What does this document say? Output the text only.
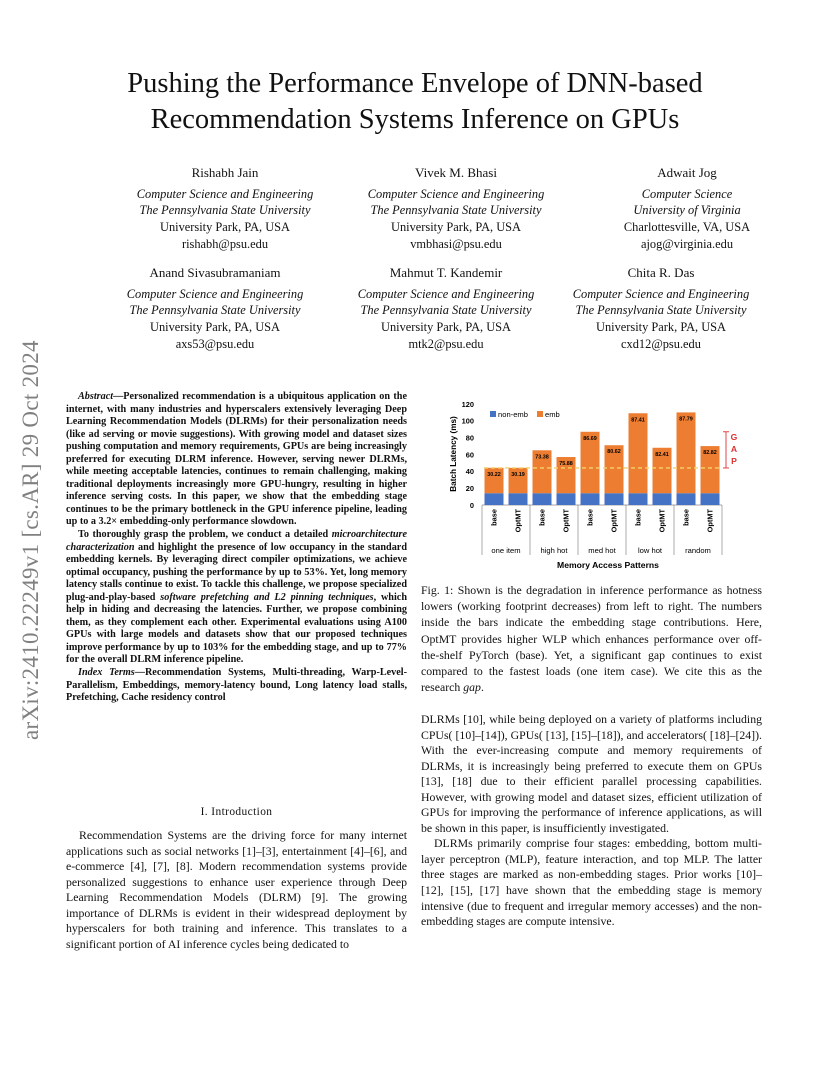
arXiv:2410.22249v1 [cs.AR] 29 Oct 2024
Pushing the Performance Envelope of DNN-based
Recommendation Systems Inference on GPUs
Rishabh Jain
Computer Science and Engineering
The Pennsylvania State University
University Park, PA, USA
rishabh@psu.edu
Vivek M. Bhasi
Computer Science and Engineering
The Pennsylvania State University
University Park, PA, USA
vmbhasi@psu.edu
Adwait Jog
Computer Science
University of Virginia
Charlottesville, VA, USA
ajog@virginia.edu
Anand Sivasubramaniam
Computer Science and Engineering
The Pennsylvania State University
University Park, PA, USA
axs53@psu.edu
Mahmut T. Kandemir
Computer Science and Engineering
The Pennsylvania State University
University Park, PA, USA
mtk2@psu.edu
Chita R. Das
Computer Science and Engineering
The Pennsylvania State University
University Park, PA, USA
cxd12@psu.edu

Abstract—Personalized recommendation is a ubiquitous application on the internet, with many industries and hyperscalers extensively leveraging Deep Learning Recommendation Models (DLRMs) for their personalization needs (like ad serving or movie suggestions). With growing model and dataset sizes pushing computation and memory requirements, GPUs are being increasingly preferred for executing DLRM inference. However, serving newer DLRMs, while meeting acceptable latencies, continues to remain challenging, making traditional deployments increasingly more GPU-hungry, resulting in higher inference serving costs. In this paper, we show that the embedding stage continues to be the primary bottleneck in the GPU inference pipeline, leading up to a 3.2× embedding-only performance slowdown.

To thoroughly grasp the problem, we conduct a detailed microarchitecture characterization and highlight the presence of low occupancy in the standard embedding kernels. By leveraging direct compiler optimizations, we achieve optimal occupancy, pushing the performance by up to 53%. Yet, long memory latency stalls continue to exist. To tackle this challenge, we propose specialized plug-and-play-based software prefetching and L2 pinning techniques, which help in hiding and decreasing the latencies. Further, we propose combining them, as they complement each other. Experimental evaluations using A100 GPUs with large models and datasets show that our proposed techniques improve performance by up to 103% for the embedding stage, and up to 77% for the overall DLRM inference pipeline.

Index Terms—Recommendation Systems, Multi-threading, Warp-Level-Parallelism, Embeddings, memory-latency bound, Long latency load stalls, Prefetching, Cache residency control

I. Introduction

Recommendation Systems are the driving force for many internet applications such as social networks [1]–[3], entertainment [4]–[6], and e-commerce [4], [7], [8]. Modern recommendation systems provide personalized suggestions to enhance user experience through Deep Learning Recommendation Models (DLRM) [9]. The growing importance of DLRMs is evident in their widespread deployment by hyperscalers for both training and inference. This translates to a significant portion of AI inference cycles being dedicated to

Batch Latency (ms)
Memory Access Patterns
0
20
40
60
80
100
120
30.22
base
30.19
OptMT
73.38
base
75.88
OptMT
86.69
base
80.62
OptMT
87.41
base
82.41
OptMT
87.79
base
82.82
OptMT
one item	high hot	med hot	low hot	random
G
A
P
non-emb emb
Fig. 1: Shown is the degradation in inference performance as hotness lowers (working footprint decreases) from left to right. The numbers inside the bars indicate the embedding stage contributions. Here, OptMT provides higher WLP which enhances performance over off-the-shelf PyTorch (base). Yet, a significant gap continues to exist compared to the fastest loads (one item case). We cite this as the research gap.

DLRMs [10], while being deployed on a variety of platforms including CPUs( [10]–[14]), GPUs( [13], [15]–[18]), and accelerators( [18]–[24]). With the ever-increasing compute and memory requirements of DLRMs, it is increasingly being preferred to execute them on GPUs [13], [18] due to their efficient parallel processing capabilities. However, with growing model and dataset sizes, efficient utilization of GPUs for improving the performance of inference applications, as will be shown in this paper, is insufficiently investigated.

DLRMs primarily comprise four stages: embedding, bottom multi-layer perceptron (MLP), feature interaction, and top MLP. The latter three stages are marked as non-embedding stages. Prior works [10]–[12], [15], [17] have shown that the embedding stage is memory intensive (due to frequent and irregular memory accesses) and the non-embedding stages are compute intensive.
